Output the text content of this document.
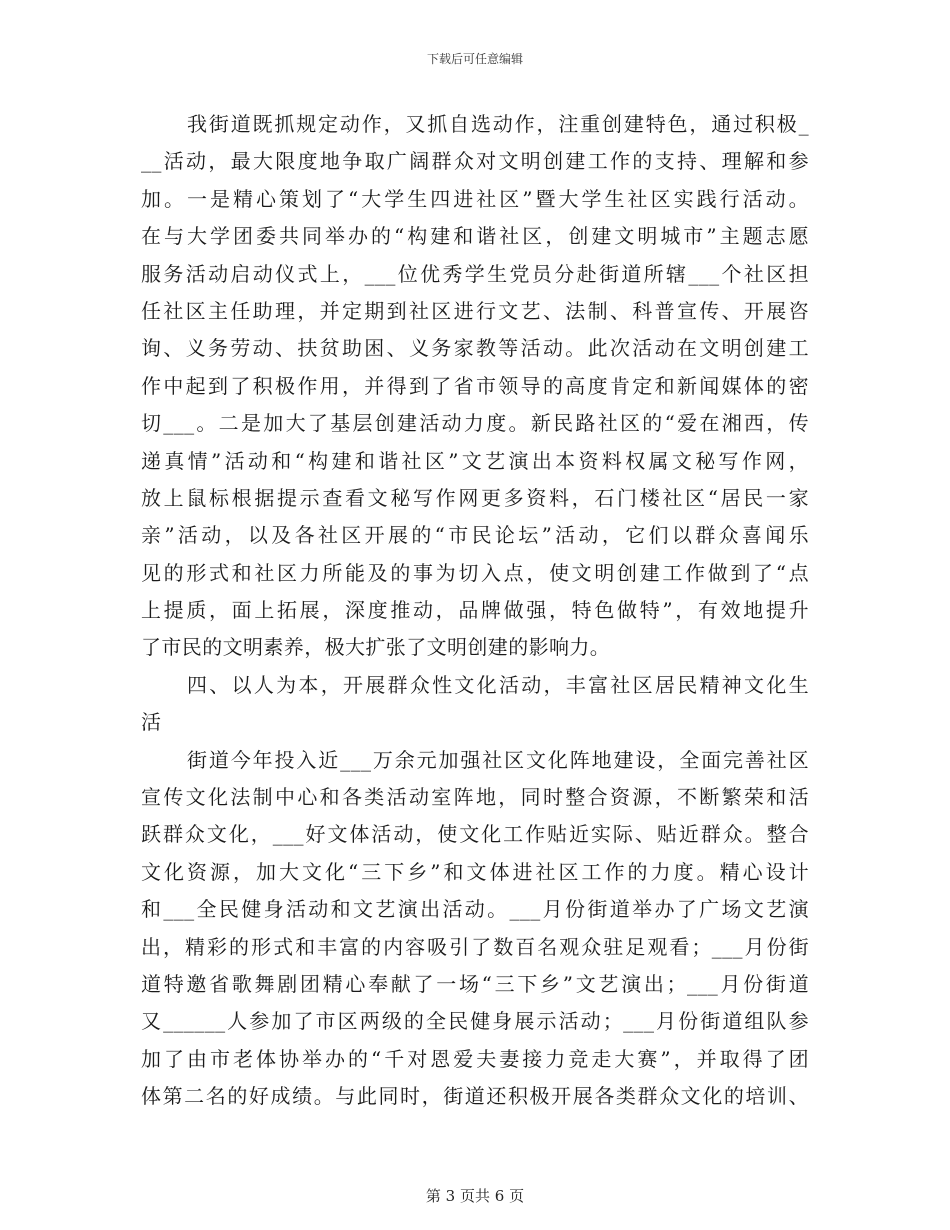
下载后可任意编辑
我街道既抓规定动作，又抓自选动作，注重创建特色，通过积极_
__活动，最大限度地争取广阔群众对文明创建工作的支持、理解和参
加。一是精心策划了“大学生四进社区”暨大学生社区实践行活动。
在与大学团委共同举办的“构建和谐社区，创建文明城市”主题志愿
服务活动启动仪式上，___位优秀学生党员分赴街道所辖___个社区担
任社区主任助理，并定期到社区进行文艺、法制、科普宣传、开展咨
询、义务劳动、扶贫助困、义务家教等活动。此次活动在文明创建工
作中起到了积极作用，并得到了省市领导的高度肯定和新闻媒体的密
切___。二是加大了基层创建活动力度。新民路社区的“爱在湘西，传
递真情”活动和“构建和谐社区”文艺演出本资料权属文秘写作网，
放上鼠标根据提示查看文秘写作网更多资料，石门楼社区“居民一家
亲”活动，以及各社区开展的“市民论坛”活动，它们以群众喜闻乐
见的形式和社区力所能及的事为切入点，使文明创建工作做到了“点
上提质，面上拓展，深度推动，品牌做强，特色做特”，有效地提升
了市民的文明素养，极大扩张了文明创建的影响力。
四、以人为本，开展群众性文化活动，丰富社区居民精神文化生
活
街道今年投入近___万余元加强社区文化阵地建设，全面完善社区
宣传文化法制中心和各类活动室阵地，同时整合资源，不断繁荣和活
跃群众文化，___好文体活动，使文化工作贴近实际、贴近群众。整合
文化资源，加大文化“三下乡”和文体进社区工作的力度。精心设计
和___全民健身活动和文艺演出活动。___月份街道举办了广场文艺演
出，精彩的形式和丰富的内容吸引了数百名观众驻足观看；___月份街
道特邀省歌舞剧团精心奉献了一场“三下乡”文艺演出；___月份街道
又______人参加了市区两级的全民健身展示活动；___月份街道组队参
加了由市老体协举办的“千对恩爱夫妻接力竞走大赛”，并取得了团
体第二名的好成绩。与此同时，街道还积极开展各类群众文化的培训、
第 3 页共 6 页
